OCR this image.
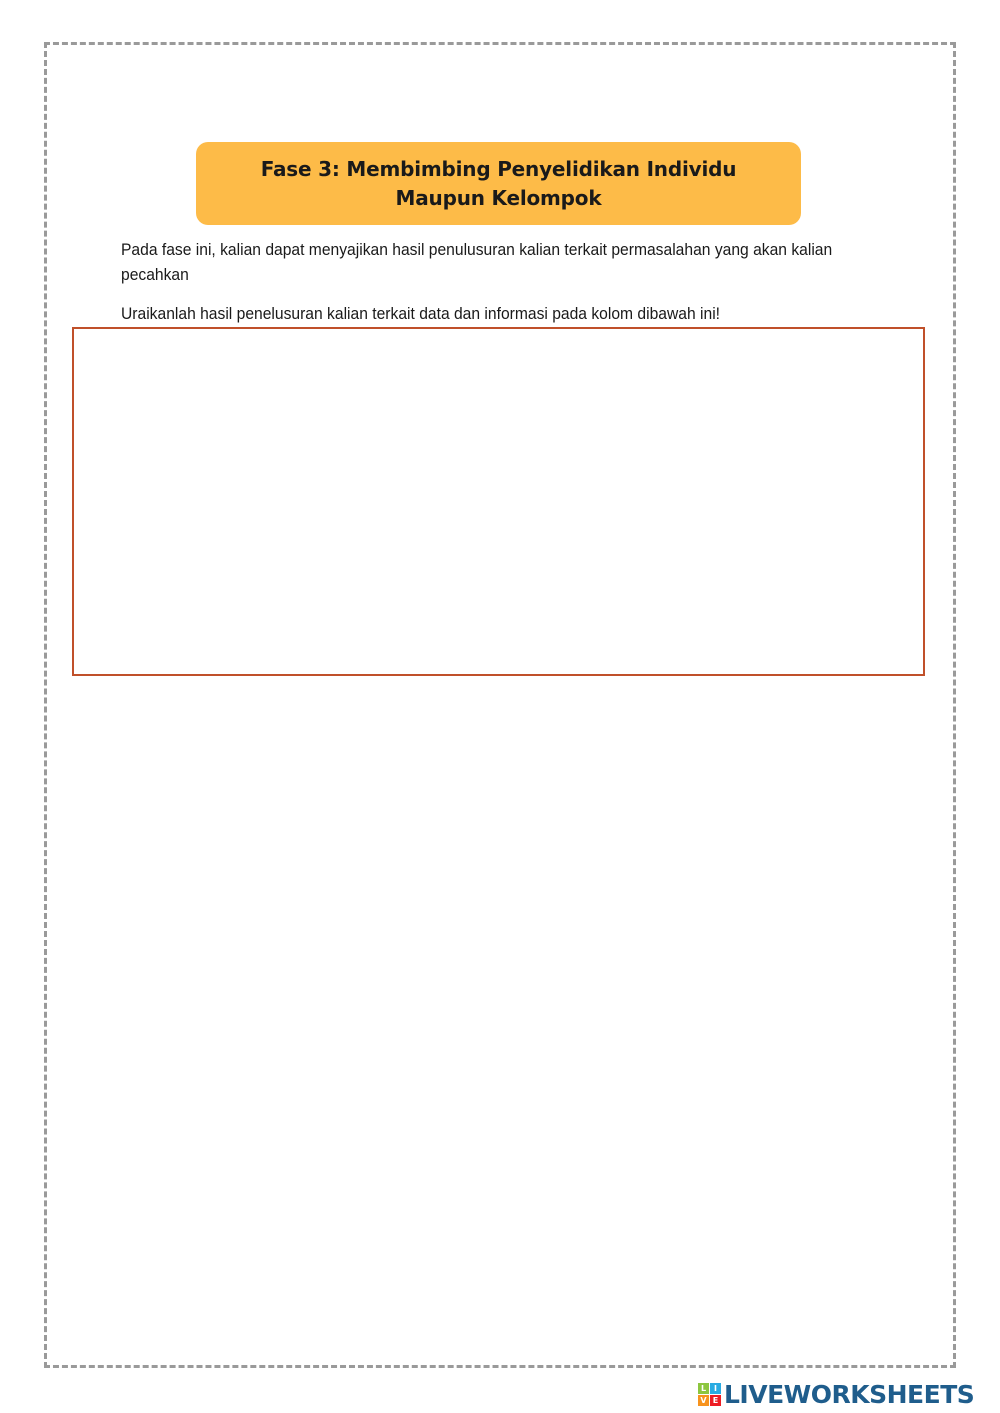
Fase 3: Membimbing Penyelidikan Individu
Maupun Kelompok
Pada fase ini, kalian dapat menyajikan hasil penulusuran kalian terkait permasalahan yang akan kalian pecahkan
Uraikanlah hasil penelusuran kalian terkait data dan informasi pada kolom dibawah ini!
L I
V E LIVEWORKSHEETS
